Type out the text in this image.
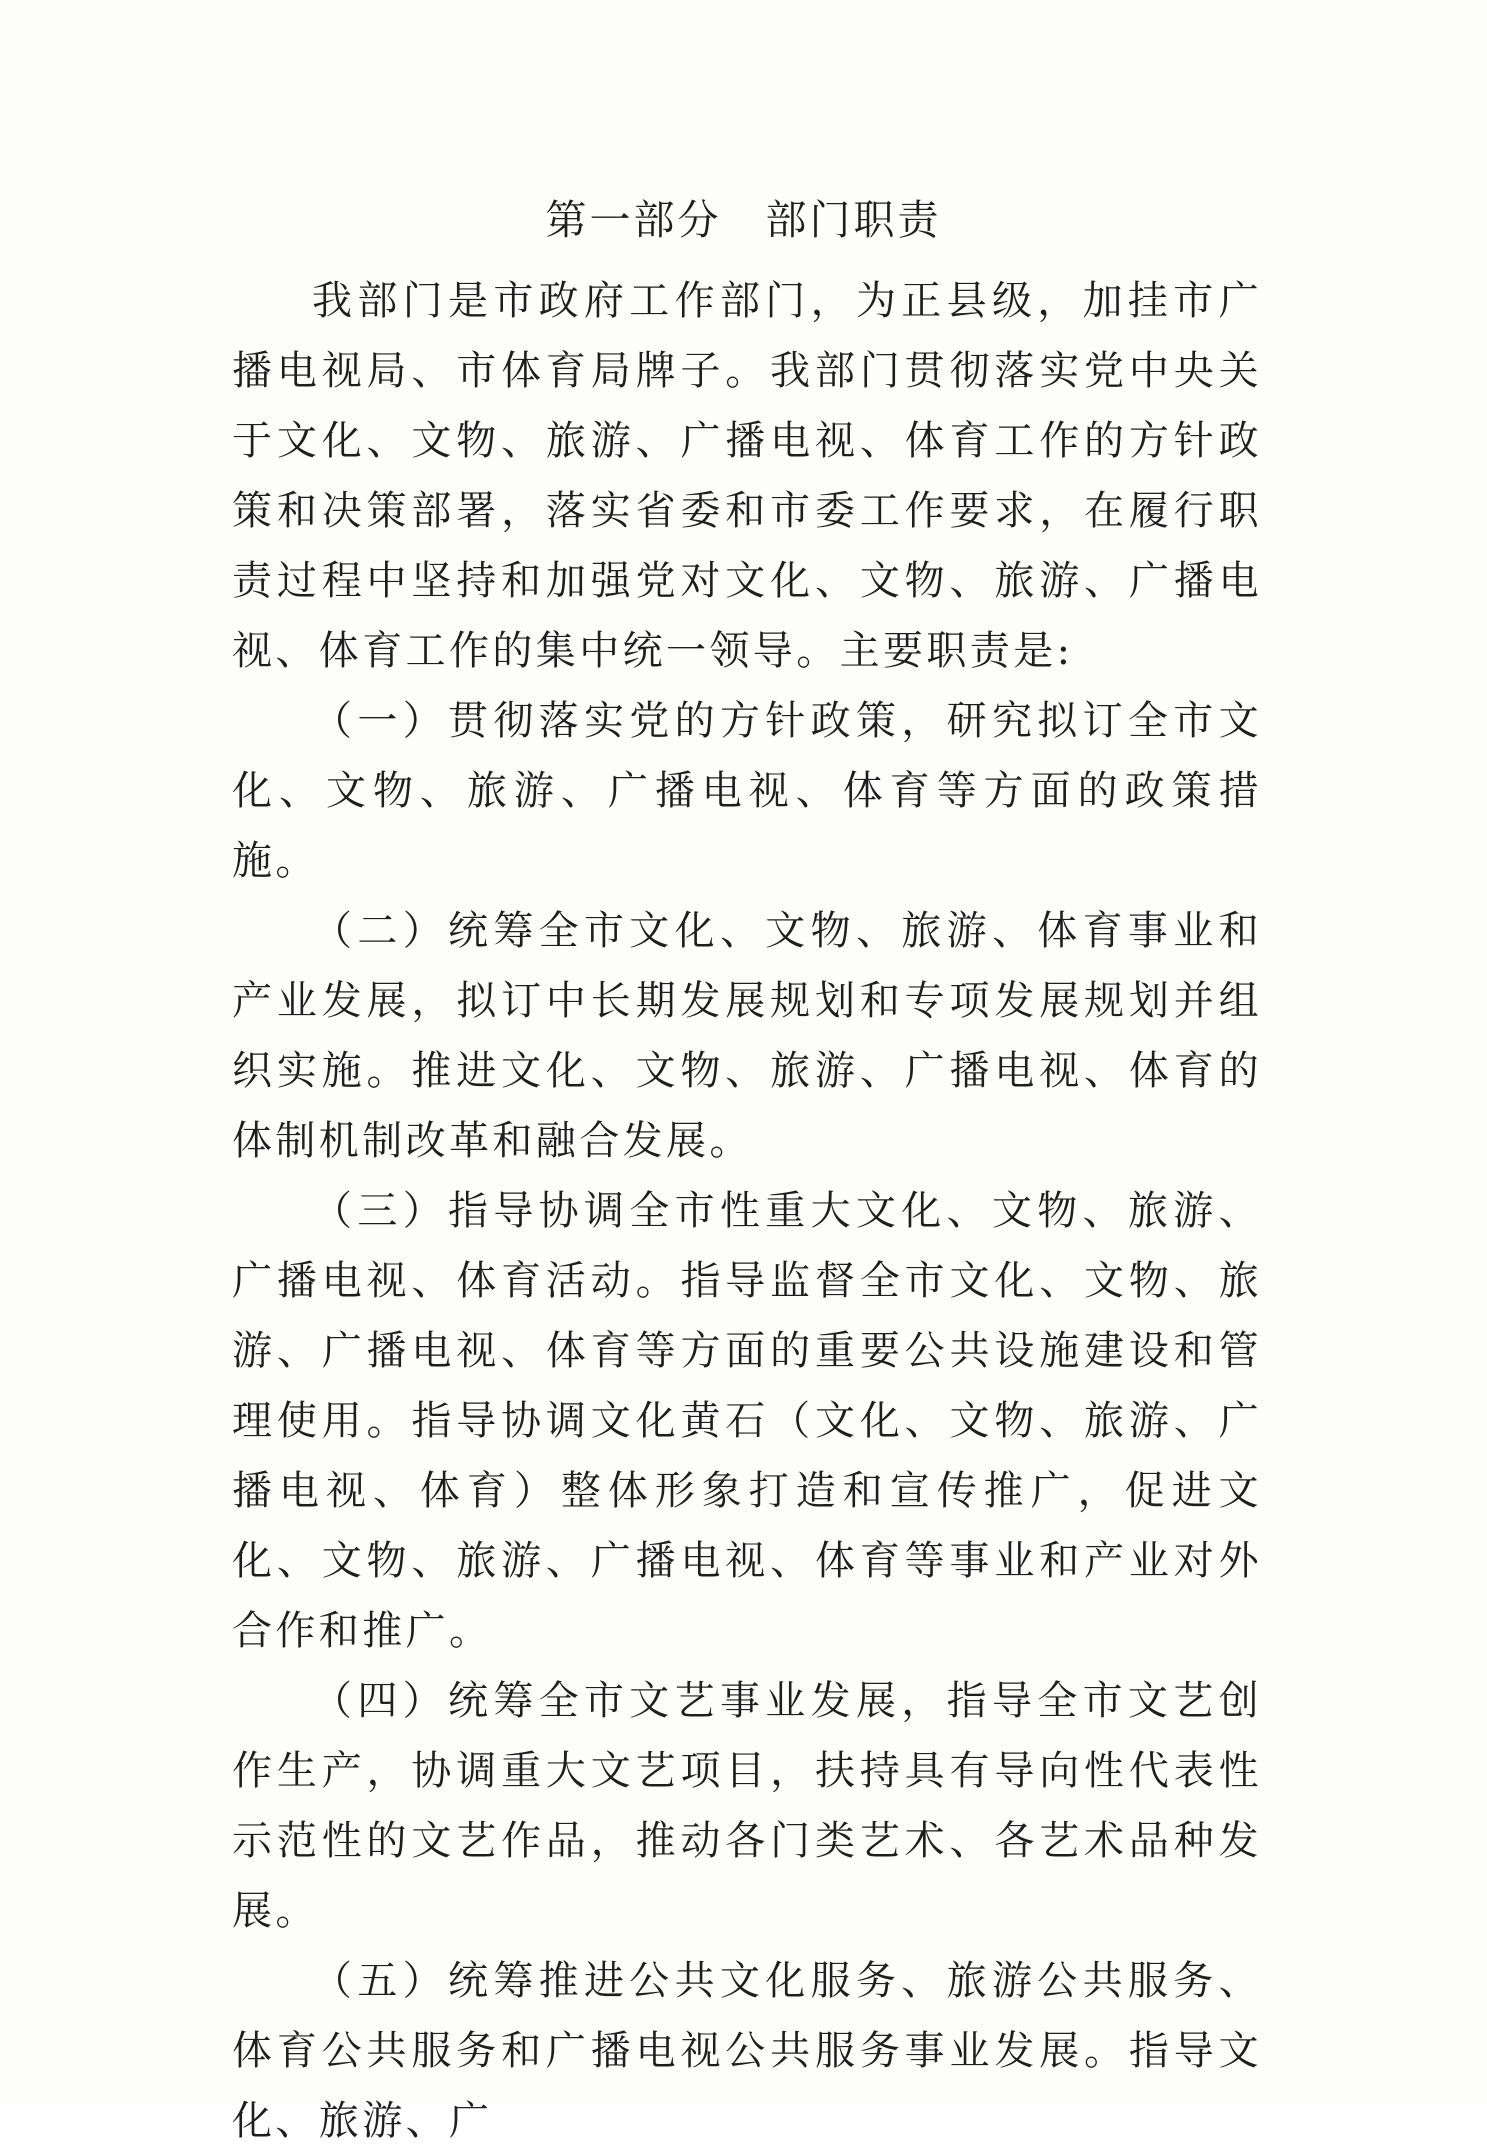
第一部分　部门职责

我部门是市政府工作部门，为正县级，加挂市广播电视局、市体育局牌子。我部门贯彻落实党中央关于文化、文物、旅游、广播电视、体育工作的方针政策和决策部署，落实省委和市委工作要求，在履行职责过程中坚持和加强党对文化、文物、旅游、广播电视、体育工作的集中统一领导。主要职责是:

（一）贯彻落实党的方针政策，研究拟订全市文化、文物、旅游、广播电视、体育等方面的政策措施。

（二）统筹全市文化、文物、旅游、体育事业和产业发展，拟订中长期发展规划和专项发展规划并组织实施。推进文化、文物、旅游、广播电视、体育的体制机制改革和融合发展。

（三）指导协调全市性重大文化、文物、旅游、广播电视、体育活动。指导监督全市文化、文物、旅游、广播电视、体育等方面的重要公共设施建设和管理使用。指导协调文化黄石（文化、文物、旅游、广播电视、体育）整体形象打造和宣传推广，促进文化、文物、旅游、广播电视、体育等事业和产业对外合作和推广。

（四）统筹全市文艺事业发展，指导全市文艺创作生产，协调重大文艺项目，扶持具有导向性代表性示范性的文艺作品，推动各门类艺术、各艺术品种发展。

（五）统筹推进公共文化服务、旅游公共服务、体育公共服务和广播电视公共服务事业发展。指导文化、旅游、广
